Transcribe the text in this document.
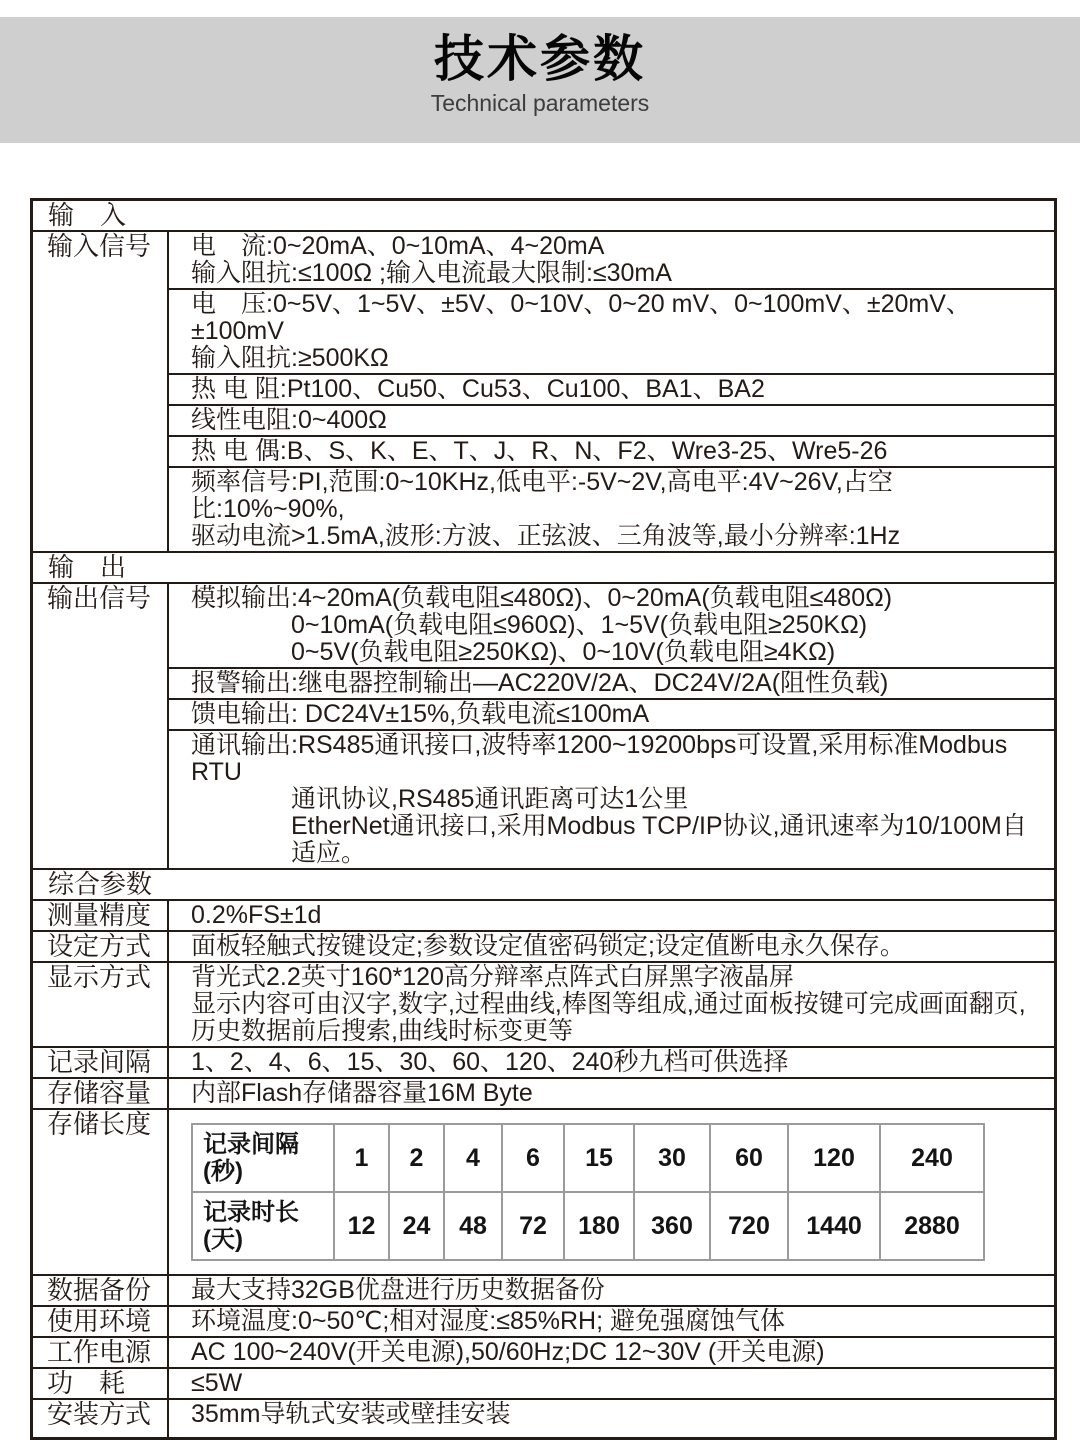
技术参数
Technical parameters
输　入
输入信号	电　流:0~20mA、0~10mA、4~20mA
输入阻抗:≤100Ω ;输入电流最大限制:≤30mA
电　压:0~5V、1~5V、±5V、0~10V、0~20 mV、0~100mV、±20mV、±100mV
输入阻抗:≥500KΩ
热 电 阻:Pt100、Cu50、Cu53、Cu100、BA1、BA2
线性电阻:0~400Ω
热 电 偶:B、S、K、E、T、J、R、N、F2、Wre3-25、Wre5-26
频率信号:PI,范围:0~10KHz,低电平:-5V~2V,高电平:4V~26V,占空比:10%~90%,
驱动电流>1.5mA,波形:方波、正弦波、三角波等,最小分辨率:1Hz
输　出
输出信号	模拟输出:4~20mA(负载电阻≤480Ω)、0~20mA(负载电阻≤480Ω)
0~10mA(负载电阻≤960Ω)、1~5V(负载电阻≥250KΩ)
0~5V(负载电阻≥250KΩ)、0~10V(负载电阻≥4KΩ)
报警输出:继电器控制输出—AC220V/2A、DC24V/2A(阻性负载)
馈电输出: DC24V±15%,负载电流≤100mA
通讯输出:RS485通讯接口,波特率1200~19200bps可设置,采用标准Modbus RTU
通讯协议,RS485通讯距离可达1公里
EtherNet通讯接口,采用Modbus TCP/IP协议,通讯速率为10/100M自适应。
综合参数
测量精度	0.2%FS±1d
设定方式	面板轻触式按键设定;参数设定值密码锁定;设定值断电永久保存。
显示方式	背光式2.2英寸160*120高分辩率点阵式白屏黑字液晶屏
显示内容可由汉字,数字,过程曲线,棒图等组成,通过面板按键可完成画面翻页,
历史数据前后搜索,曲线时标变更等
记录间隔	1、2、4、6、15、30、60、120、240秒九档可供选择
存储容量	内部Flash存储器容量16M Byte
存储长度
记录间隔(秒)	1	2	4	6	15	30	60	120	240
记录时长(天)	12	24	48	72	180	360	720	1440	2880
数据备份	最大支持32GB优盘进行历史数据备份
使用环境	环境温度:0~50℃;相对湿度:≤85%RH; 避免强腐蚀气体
工作电源	AC 100~240V(开关电源),50/60Hz;DC 12~30V (开关电源)
功　耗	≤5W
安装方式	35mm导轨式安装或壁挂安装
